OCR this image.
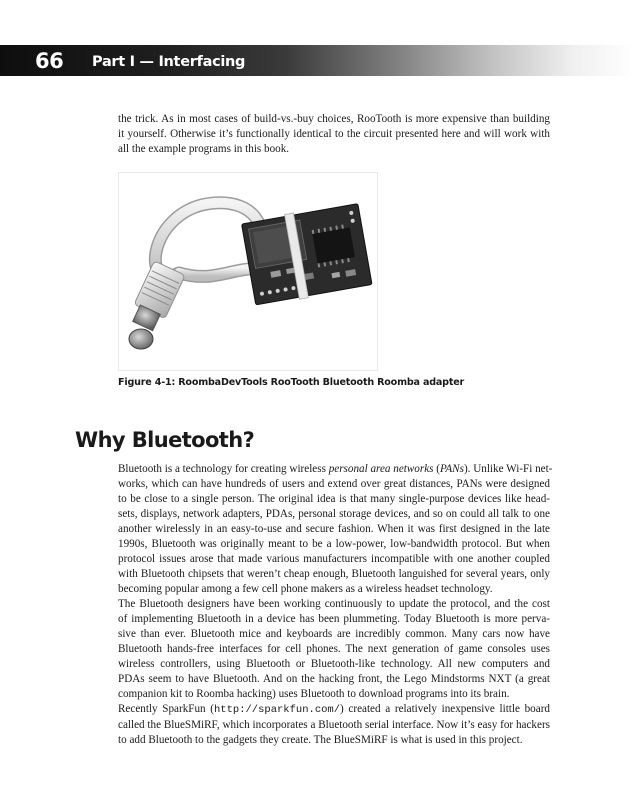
66 Part I — Interfacing

the trick. As in most cases of build-vs.-buy choices, RooTooth is more expensive than building
it yourself. Otherwise it’s functionally identical to the circuit presented here and will work with
all the example programs in this book.

Figure 4-1: RoombaDevTools RooTooth Bluetooth Roomba adapter
Why Bluetooth?

Bluetooth is a technology for creating wireless personal area networks (PANs). Unlike Wi-Fi net-
works, which can have hundreds of users and extend over great distances, PANs were designed
to be close to a single person. The original idea is that many single-purpose devices like head-
sets, displays, network adapters, PDAs, personal storage devices, and so on could all talk to one
another wirelessly in an easy-to-use and secure fashion. When it was first designed in the late
1990s, Bluetooth was originally meant to be a low-power, low-bandwidth protocol. But when
protocol issues arose that made various manufacturers incompatible with one another coupled
with Bluetooth chipsets that weren’t cheap enough, Bluetooth languished for several years, only
becoming popular among a few cell phone makers as a wireless headset technology.

The Bluetooth designers have been working continuously to update the protocol, and the cost
of implementing Bluetooth in a device has been plummeting. Today Bluetooth is more perva-
sive than ever. Bluetooth mice and keyboards are incredibly common. Many cars now have
Bluetooth hands-free interfaces for cell phones. The next generation of game consoles uses
wireless controllers, using Bluetooth or Bluetooth-like technology. All new computers and
PDAs seem to have Bluetooth. And on the hacking front, the Lego Mindstorms NXT (a great
companion kit to Roomba hacking) uses Bluetooth to download programs into its brain.

Recently SparkFun (http://sparkfun.com/) created a relatively inexpensive little board
called the BlueSMiRF, which incorporates a Bluetooth serial interface. Now it’s easy for hackers
to add Bluetooth to the gadgets they create. The BlueSMiRF is what is used in this project.
